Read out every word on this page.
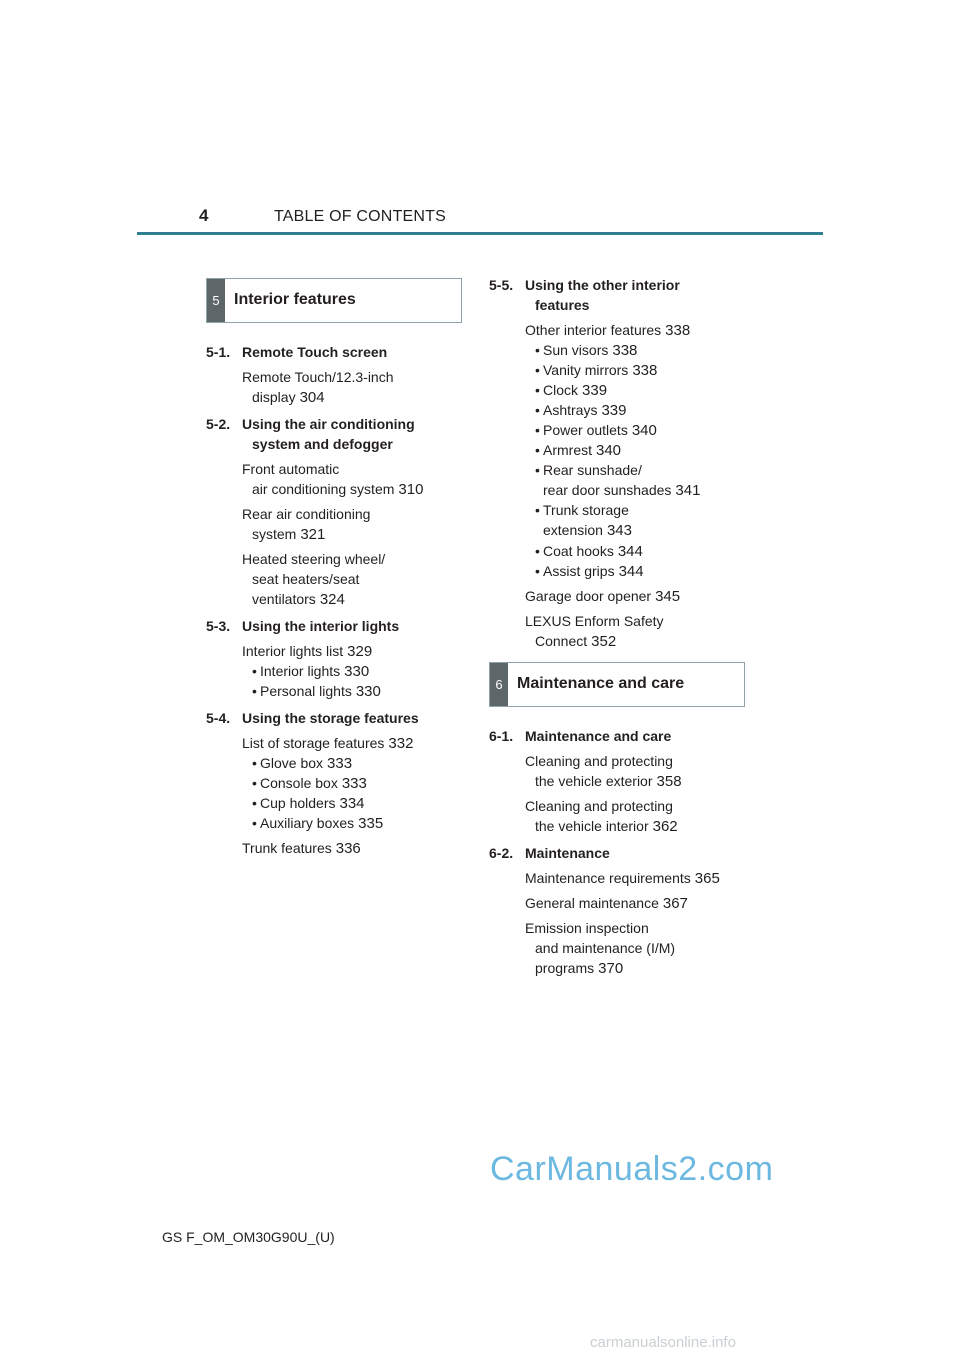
4	TABLE OF CONTENTS
5 Interior features
5-1. Remote Touch screen
Remote Touch/12.3-inch
display 304
5-2. Using the air conditioning
system and defogger
Front automatic
air conditioning system 310
Rear air conditioning
system 321
Heated steering wheel/
seat heaters/seat
ventilators 324
5-3. Using the interior lights
Interior lights list 329
• Interior lights 330
• Personal lights 330
5-4. Using the storage features
List of storage features 332
• Glove box 333
• Console box 333
• Cup holders 334
• Auxiliary boxes 335
Trunk features 336
5-5. Using the other interior
features
Other interior features 338
• Sun visors 338
• Vanity mirrors 338
• Clock 339
• Ashtrays 339
• Power outlets 340
• Armrest 340
• Rear sunshade/
rear door sunshades 341
• Trunk storage
extension 343
• Coat hooks 344
• Assist grips 344
Garage door opener 345
LEXUS Enform Safety
Connect 352
6 Maintenance and care
6-1. Maintenance and care
Cleaning and protecting
the vehicle exterior 358
Cleaning and protecting
the vehicle interior 362
6-2. Maintenance
Maintenance requirements 365
General maintenance 367
Emission inspection
and maintenance (I/M)
programs 370
CarManuals2.com
GS F_OM_OM30G90U_(U)
carmanualsonline.info
